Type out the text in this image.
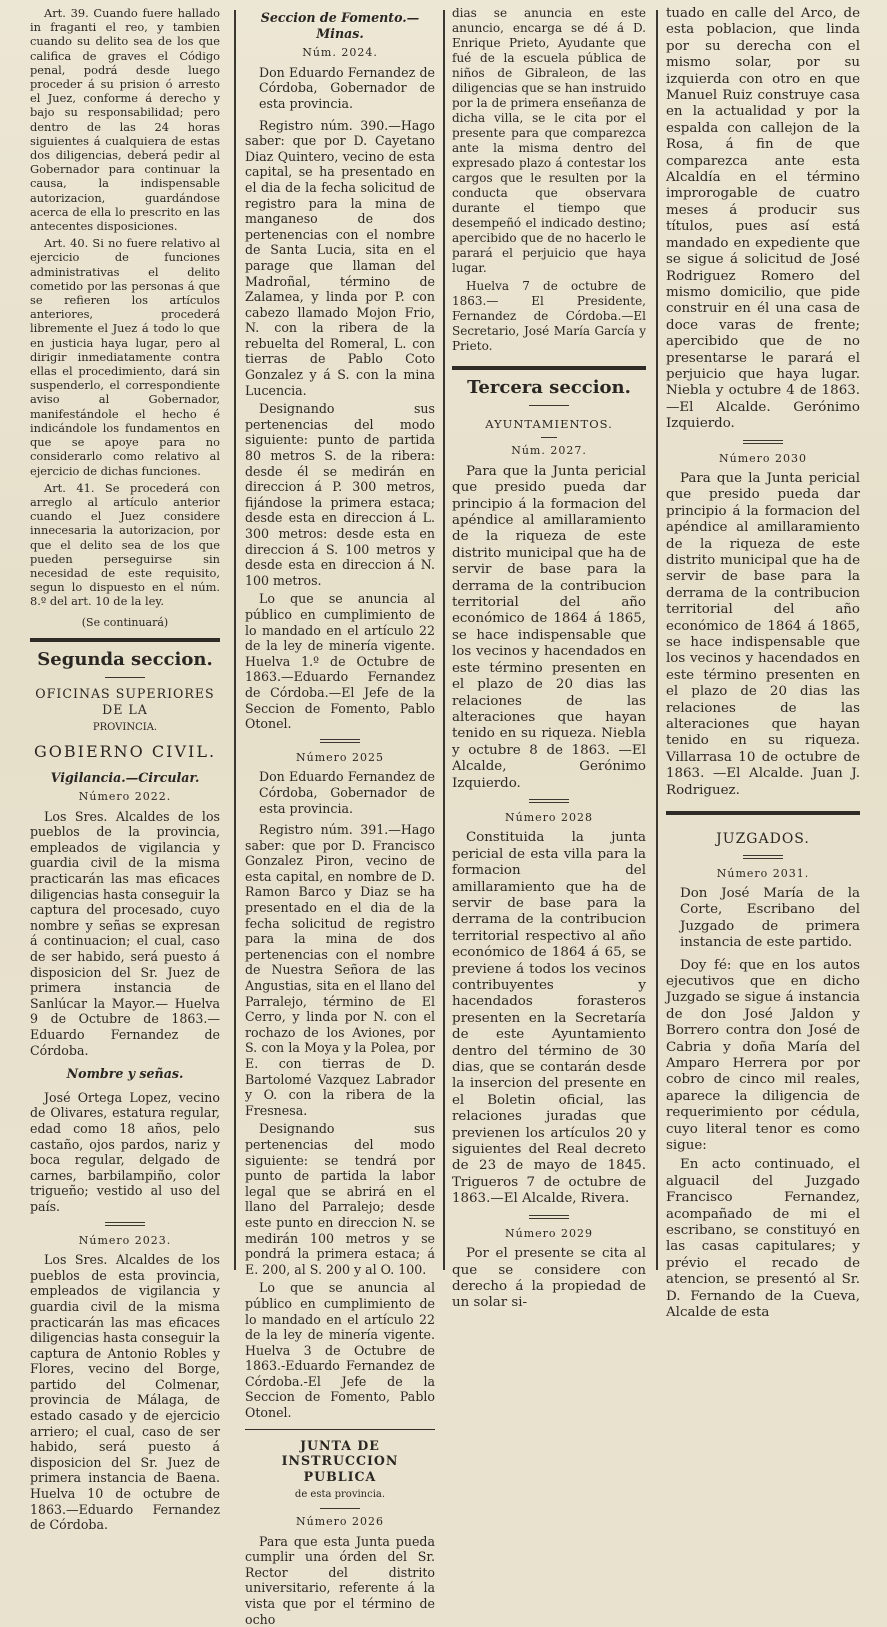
Art. 39. Cuando fuere hallado in fraganti el reo, y tambien cuando su delito sea de los que califica de graves el Código penal, podrá desde luego proceder á su prision ó arresto el Juez, conforme á derecho y bajo su responsabilidad; pero dentro de las 24 horas siguientes á cualquiera de estas dos diligencias, deberá pedir al Gobernador para continuar la causa, la indispensable autorizacion, guardándose acerca de ella lo prescrito en las antecentes disposiciones.

Art. 40. Si no fuere relativo al ejercicio de funciones administrativas el delito cometido por las personas á que se refieren los artículos anteriores, procederá libremente el Juez á todo lo que en justicia haya lugar, pero al dirigir inmediatamente contra ellas el procedimiento, dará sin suspenderlo, el correspondiente aviso al Gobernador, manifestándole el hecho é indicándole los fundamentos en que se apoye para no considerarlo como relativo al ejercicio de dichas funciones.

Art. 41. Se procederá con arreglo al artículo anterior cuando el Juez considere innecesaria la autorizacion, por que el delito sea de los que pueden perseguirse sin necesidad de este requisito, segun lo dispuesto en el núm. 8.º del art. 10 de la ley.

(Se continuará)

Segunda seccion.

OFICINAS SUPERIORES DE LA

PROVINCIA.

GOBIERNO CIVIL.

Vigilancia.—Circular.

Número 2022.

Los Sres. Alcaldes de los pueblos de la provincia, empleados de vigilancia y guardia civil de la misma practicarán las mas eficaces diligencias hasta conseguir la captura del procesado, cuyo nombre y señas se expresan á continuacion; el cual, caso de ser habido, será puesto á disposicion del Sr. Juez de primera instancia de Sanlúcar la Mayor.— Huelva 9 de Octubre de 1863.— Eduardo Fernandez de Córdoba.

Nombre y señas.

José Ortega Lopez, vecino de Olivares, estatura regular, edad como 18 años, pelo castaño, ojos pardos, nariz y boca regular, delgado de carnes, barbilampiño, color trigueño; vestido al uso del país.

Número 2023.

Los Sres. Alcaldes de los pueblos de esta provincia, empleados de vigilancia y guardia civil de la misma practicarán las mas eficaces diligencias hasta conseguir la captura de Antonio Robles y Flores, vecino del Borge, partido del Colmenar, provincia de Málaga, de estado casado y de ejercicio arriero; el cual, caso de ser habido, será puesto á disposicion del Sr. Juez de primera instancia de Baena. Huelva 10 de octubre de 1863.—Eduardo Fernandez de Córdoba.

Seccion de Fomento.—Minas.

Núm. 2024.

Don Eduardo Fernandez de Córdoba, Gobernador de esta provincia.

Registro núm. 390.—Hago saber: que por D. Cayetano Diaz Quintero, vecino de esta capital, se ha presentado en el dia de la fecha solicitud de registro para la mina de manganeso de dos pertenencias con el nombre de Santa Lucia, sita en el parage que llaman del Madroñal, término de Zalamea, y linda por P. con cabezo llamado Mojon Frio, N. con la ribera de la rebuelta del Romeral, L. con tierras de Pablo Coto Gonzalez y á S. con la mina Lucencia.

Designando sus pertenencias del modo siguiente: punto de partida 80 metros S. de la ribera: desde él se medirán en direccion á P. 300 metros, fijándose la primera estaca; desde esta en direccion á L. 300 metros: desde esta en direccion á S. 100 metros y desde esta en direccion á N. 100 metros.

Lo que se anuncia al público en cumplimiento de lo mandado en el artículo 22 de la ley de minería vigente. Huelva 1.º de Octubre de 1863.—Eduardo Fernandez de Córdoba.—El Jefe de la Seccion de Fomento, Pablo Otonel.

Número 2025

Don Eduardo Fernandez de Córdoba, Gobernador de esta provincia.

Registro núm. 391.—Hago saber: que por D. Francisco Gonzalez Piron, vecino de esta capital, en nombre de D. Ramon Barco y Diaz se ha presentado en el dia de la fecha solicitud de registro para la mina de dos pertenencias con el nombre de Nuestra Señora de las Angustias, sita en el llano del Parralejo, término de El Cerro, y linda por N. con el rochazo de los Aviones, por S. con la Moya y la Polea, por E. con tierras de D. Bartolomé Vazquez Labrador y O. con la ribera de la Fresnesa.

Designando sus pertenencias del modo siguiente: se tendrá por punto de partida la labor legal que se abrirá en el llano del Parralejo; desde este punto en direccion N. se medirán 100 metros y se pondrá la primera estaca; á E. 200, al S. 200 y al O. 100.

Lo que se anuncia al público en cumplimiento de lo mandado en el artículo 22 de la ley de minería vigente. Huelva 3 de Octubre de 1863.-Eduardo Fernandez de Córdoba.-El Jefe de la Seccion de Fomento, Pablo Otonel.

JUNTA DE INSTRUCCION PUBLICA

de esta provincia.

Número 2026

Para que esta Junta pueda cumplir una órden del Sr. Rector del distrito universitario, referente á la vista que por el término de ocho

dias se anuncia en este anuncio, encarga se dé á D. Enrique Prieto, Ayudante que fué de la escuela pública de niños de Gibraleon, de las diligencias que se han instruido por la de primera enseñanza de dicha villa, se le cita por el presente para que comparezca ante la misma dentro del expresado plazo á contestar los cargos que le resulten por la conducta que observara durante el tiempo que desempeñó el indicado destino; apercibido que de no hacerlo le parará el perjuicio que haya lugar.

Huelva 7 de octubre de 1863.— El Presidente, Fernandez de Córdoba.—El Secretario, José María García y Prieto.

Tercera seccion.

AYUNTAMIENTOS.

Núm. 2027.

Para que la Junta pericial que presido pueda dar principio á la formacion del apéndice al amillaramiento de la riqueza de este distrito municipal que ha de servir de base para la derrama de la contribucion territorial del año económico de 1864 á 1865, se hace indispensable que los vecinos y hacendados en este término presenten en el plazo de 20 dias las relaciones de las alteraciones que hayan tenido en su riqueza. Niebla y octubre 8 de 1863. —El Alcalde, Gerónimo Izquierdo.

Número 2028

Constituida la junta pericial de esta villa para la formacion del amillaramiento que ha de servir de base para la derrama de la contribucion territorial respectivo al año económico de 1864 á 65, se previene á todos los vecinos contribuyentes y hacendados forasteros presenten en la Secretaría de este Ayuntamiento dentro del término de 30 dias, que se contarán desde la insercion del presente en el Boletin oficial, las relaciones juradas que previenen los artículos 20 y siguientes del Real decreto de 23 de mayo de 1845. Trigueros 7 de octubre de 1863.—El Alcalde, Rivera.

Número 2029

Por el presente se cita al que se considere con derecho á la propiedad de un solar si-

tuado en calle del Arco, de esta poblacion, que linda por su derecha con el mismo solar, por su izquierda con otro en que Manuel Ruiz construye casa en la actualidad y por la espalda con callejon de la Rosa, á fin de que comparezca ante esta Alcaldía en el término improrogable de cuatro meses á producir sus títulos, pues así está mandado en expediente que se sigue á solicitud de José Rodriguez Romero del mismo domicilio, que pide construir en él una casa de doce varas de frente; apercibido que de no presentarse le parará el perjuicio que haya lugar. Niebla y octubre 4 de 1863. —El Alcalde. Gerónimo Izquierdo.

Número 2030

Para que la Junta pericial que presido pueda dar principio á la formacion del apéndice al amillaramiento de la riqueza de este distrito municipal que ha de servir de base para la derrama de la contribucion territorial del año económico de 1864 á 1865, se hace indispensable que los vecinos y hacendados en este término presenten en el plazo de 20 dias las relaciones de las alteraciones que hayan tenido en su riqueza. Villarrasa 10 de octubre de 1863. —El Alcalde. Juan J. Rodriguez.

JUZGADOS.

Número 2031.

Don José María de la Corte, Escribano del Juzgado de primera instancia de este partido.

Doy fé: que en los autos ejecutivos que en dicho Juzgado se sigue á instancia de don José Jaldon y Borrero contra don José de Cabria y doña María del Amparo Herrera por por cobro de cinco mil reales, aparece la diligencia de requerimiento por cédula, cuyo literal tenor es como sigue:

En acto continuado, el alguacil del Juzgado Francisco Fernandez, acompañado de mi el escribano, se constituyó en las casas capitulares; y prévio el recado de atencion, se presentó al Sr. D. Fernando de la Cueva, Alcalde de esta
